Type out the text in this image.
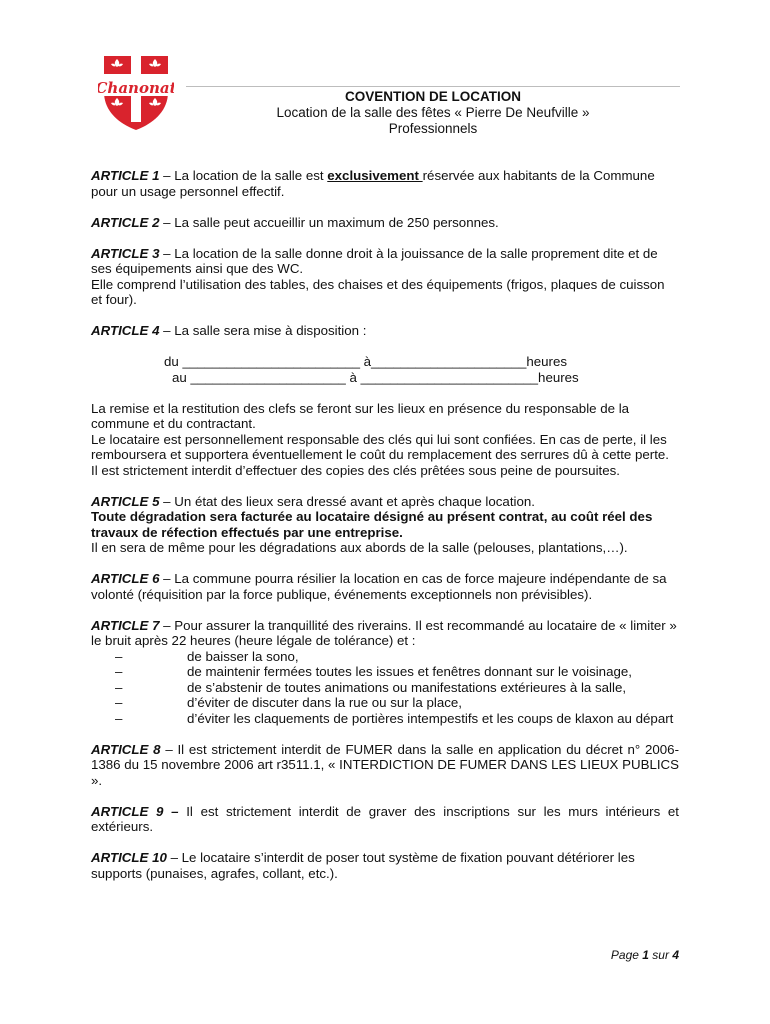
Chanonat	COVENTION DE LOCATION
Location de la salle des fêtes « Pierre De Neufville »
Professionnels

ARTICLE 1 – La location de la salle est exclusivement réservée aux habitants de la Commune pour un usage personnel effectif.

ARTICLE 2 – La salle peut accueillir un maximum de 250 personnes.

ARTICLE 3 – La location de la salle donne droit à la jouissance de la salle proprement dite et de ses équipements ainsi que des WC.
Elle comprend l’utilisation des tables, des chaises et des équipements (frigos, plaques de cuisson et four).

ARTICLE 4 – La salle sera mise à disposition :

du ________________________ à_____________________heures
au _____________________ à ________________________heures

La remise et la restitution des clefs se feront sur les lieux en présence du responsable de la commune et du contractant.
Le locataire est personnellement responsable des clés qui lui sont confiées. En cas de perte, il les remboursera et supportera éventuellement le coût du remplacement des serrures dû à cette perte.
Il est strictement interdit d’effectuer des copies des clés prêtées sous peine de poursuites.

ARTICLE 5 – Un état des lieux sera dressé avant et après chaque location.
Toute dégradation sera facturée au locataire désigné au présent contrat, au coût réel des travaux de réfection effectués par une entreprise.
Il en sera de même pour les dégradations aux abords de la salle (pelouses, plantations,…).

ARTICLE 6 – La commune pourra résilier la location en cas de force majeure indépendante de sa volonté (réquisition par la force publique, événements exceptionnels non prévisibles).

ARTICLE 7 – Pour assurer la tranquillité des riverains. Il est recommandé au locataire de « limiter » le bruit après 22 heures (heure légale de tolérance) et :

–	de baisser la sono,
–	de maintenir fermées toutes les issues et fenêtres donnant sur le voisinage,
–	de s’abstenir de toutes animations ou manifestations extérieures à la salle,
–	d’éviter de discuter dans la rue ou sur la place,
–	d’éviter les claquements de portières intempestifs et les coups de klaxon au départ

ARTICLE 8 – Il est strictement interdit de FUMER dans la salle en application du décret n° 2006-1386 du 15 novembre 2006 art r3511.1, « INTERDICTION DE FUMER DANS LES LIEUX PUBLICS ».

ARTICLE 9 – Il est strictement interdit de graver des inscriptions sur les murs intérieurs et extérieurs.

ARTICLE 10 – Le locataire s’interdit de poser tout système de fixation pouvant détériorer les supports (punaises, agrafes, collant, etc.).

Page 1 sur 4
